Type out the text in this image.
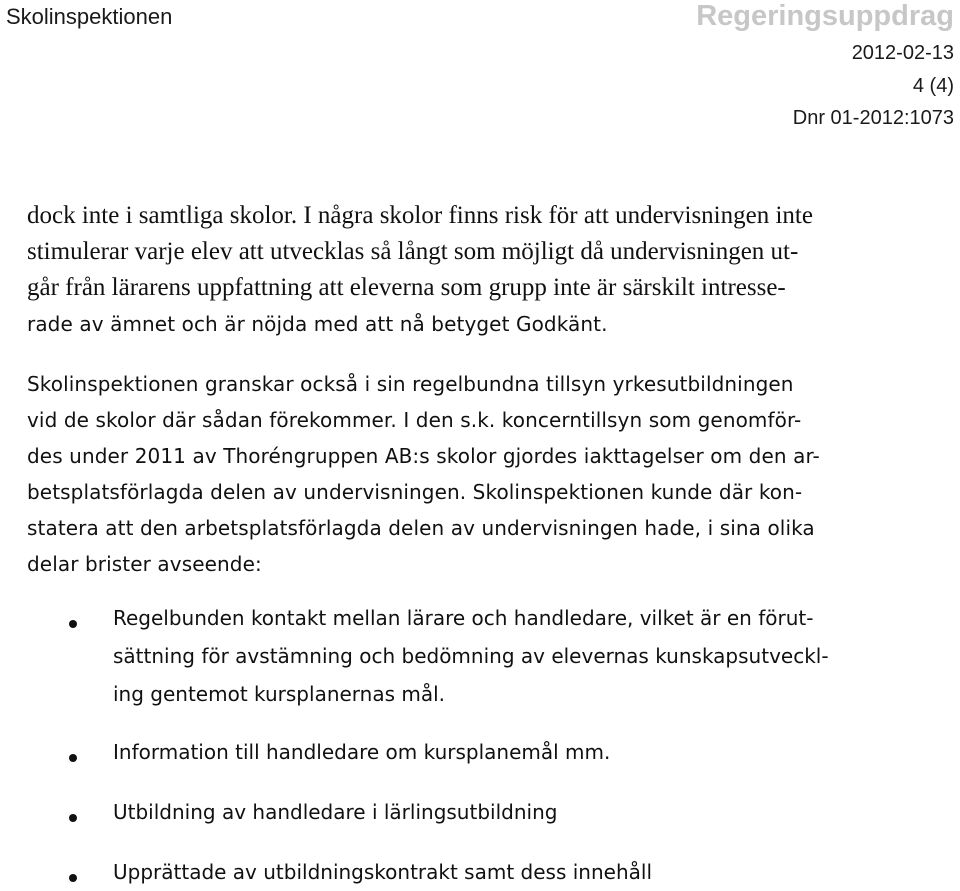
Skolinspektionen	Regeringsuppdrag
2012-02-13
4 (4)
Dnr 01-2012:1073
dock inte i samtliga skolor. I några skolor finns risk för att undervisningen inte
stimulerar varje elev att utvecklas så långt som möjligt då undervisningen ut-
går från lärarens uppfattning att eleverna som grupp inte är särskilt intresse-
rade av ämnet och är nöjda med att nå betyget Godkänt.
Skolinspektionen granskar också i sin regelbundna tillsyn yrkesutbildningen
vid de skolor där sådan förekommer. I den s.k. koncerntillsyn som genomför-
des under 2011 av Thoréngruppen AB:s skolor gjordes iakttagelser om den ar-
betsplatsförlagda delen av undervisningen. Skolinspektionen kunde där kon-
statera att den arbetsplatsförlagda delen av undervisningen hade, i sina olika
delar brister avseende:
Regelbunden kontakt mellan lärare och handledare, vilket är en förut-
sättning för avstämning och bedömning av elevernas kunskapsutveckl-
ing gentemot kursplanernas mål.
Information till handledare om kursplanemål mm.
Utbildning av handledare i lärlingsutbildning
Upprättade av utbildningskontrakt samt dess innehåll
